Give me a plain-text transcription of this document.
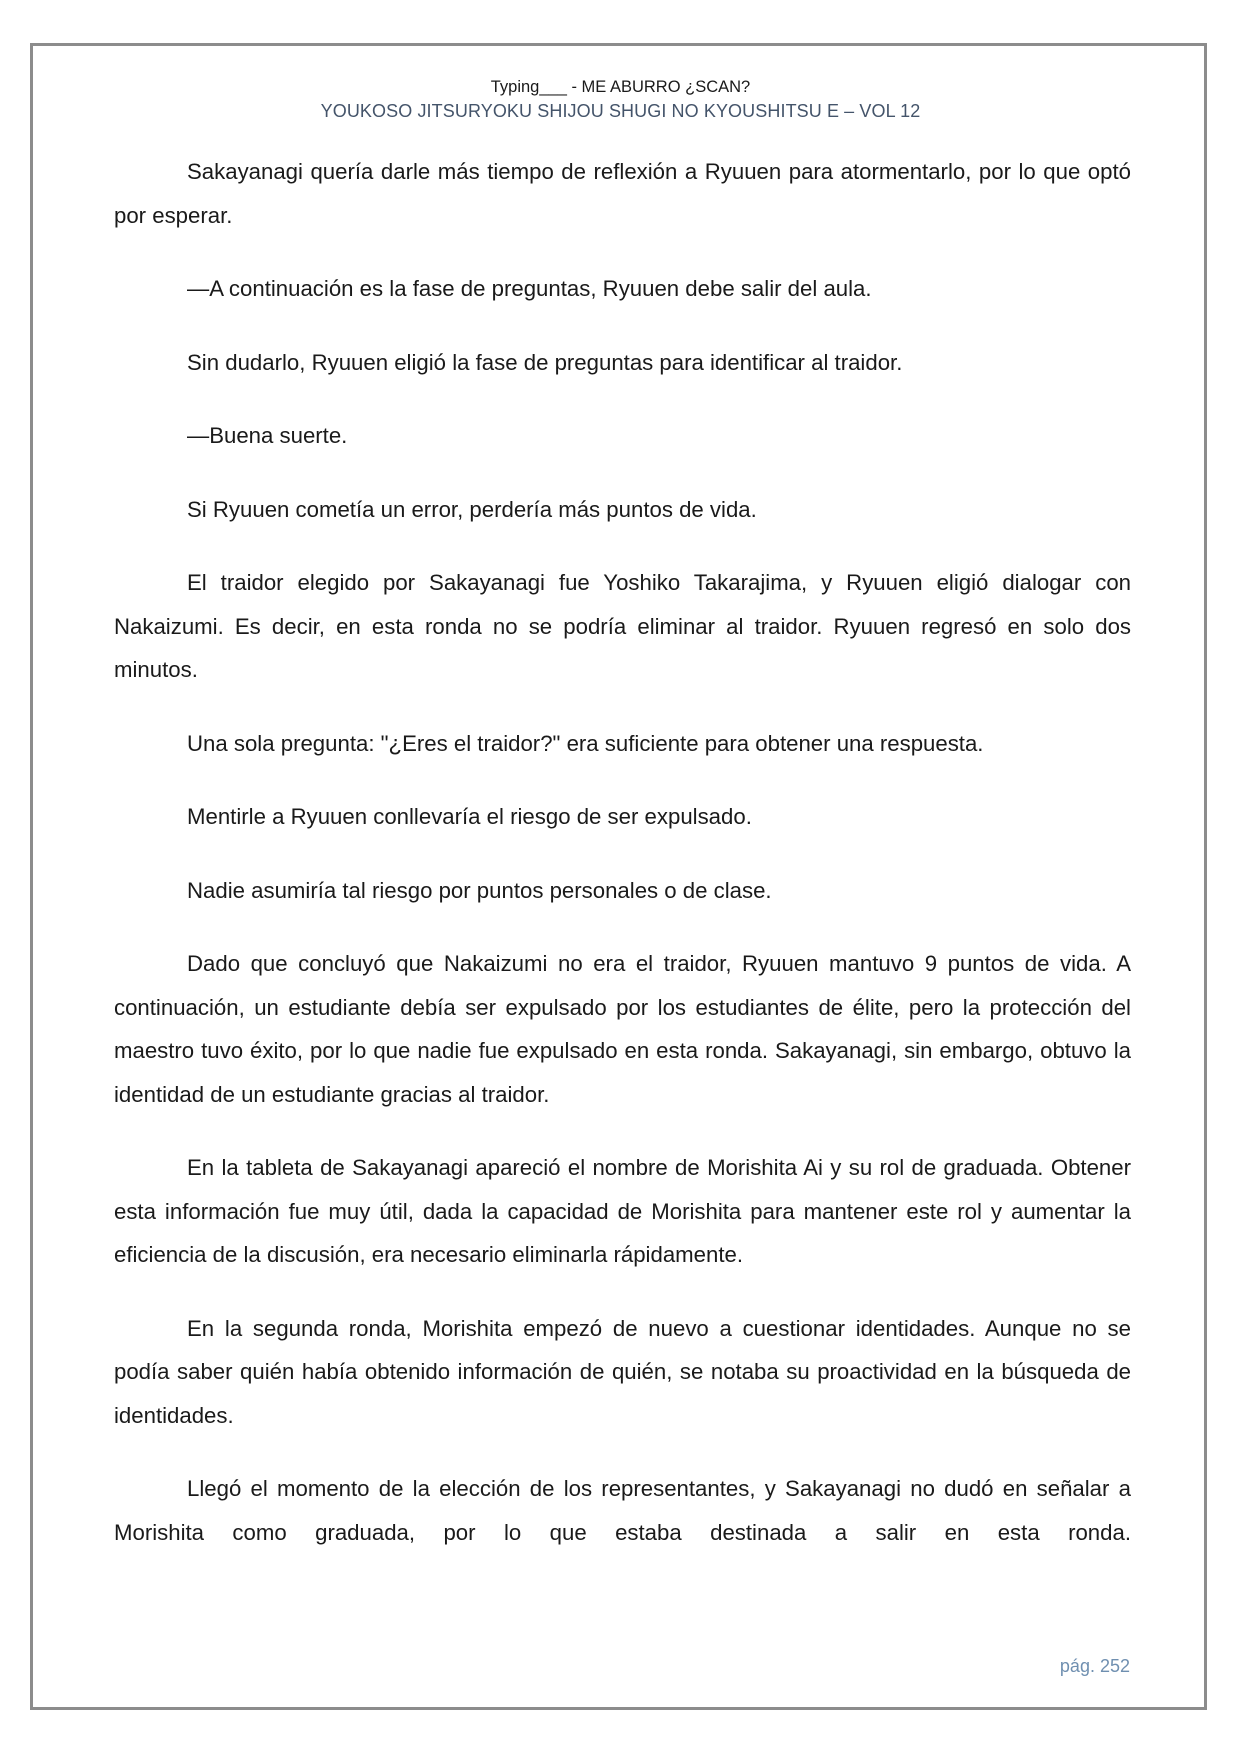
Typing___ - ME ABURRO ¿SCAN?
YOUKOSO JITSURYOKU SHIJOU SHUGI NO KYOUSHITSU E – VOL 12

Sakayanagi quería darle más tiempo de reflexión a Ryuuen para atormentarlo, por lo que optó por esperar.

—A continuación es la fase de preguntas, Ryuuen debe salir del aula.

Sin dudarlo, Ryuuen eligió la fase de preguntas para identificar al traidor.

—Buena suerte.

Si Ryuuen cometía un error, perdería más puntos de vida.

El traidor elegido por Sakayanagi fue Yoshiko Takarajima, y Ryuuen eligió dialogar con Nakaizumi. Es decir, en esta ronda no se podría eliminar al traidor. Ryuuen regresó en solo dos minutos.

Una sola pregunta: "¿Eres el traidor?" era suficiente para obtener una respuesta.

Mentirle a Ryuuen conllevaría el riesgo de ser expulsado.

Nadie asumiría tal riesgo por puntos personales o de clase.

Dado que concluyó que Nakaizumi no era el traidor, Ryuuen mantuvo 9 puntos de vida. A continuación, un estudiante debía ser expulsado por los estudiantes de élite, pero la protección del maestro tuvo éxito, por lo que nadie fue expulsado en esta ronda. Sakayanagi, sin embargo, obtuvo la identidad de un estudiante gracias al traidor.

En la tableta de Sakayanagi apareció el nombre de Morishita Ai y su rol de graduada. Obtener esta información fue muy útil, dada la capacidad de Morishita para mantener este rol y aumentar la eficiencia de la discusión, era necesario eliminarla rápidamente.

En la segunda ronda, Morishita empezó de nuevo a cuestionar identidades. Aunque no se podía saber quién había obtenido información de quién, se notaba su proactividad en la búsqueda de identidades.

Llegó el momento de la elección de los representantes, y Sakayanagi no dudó en señalar a Morishita como graduada, por lo que estaba destinada a salir en esta ronda.

pág. 252
